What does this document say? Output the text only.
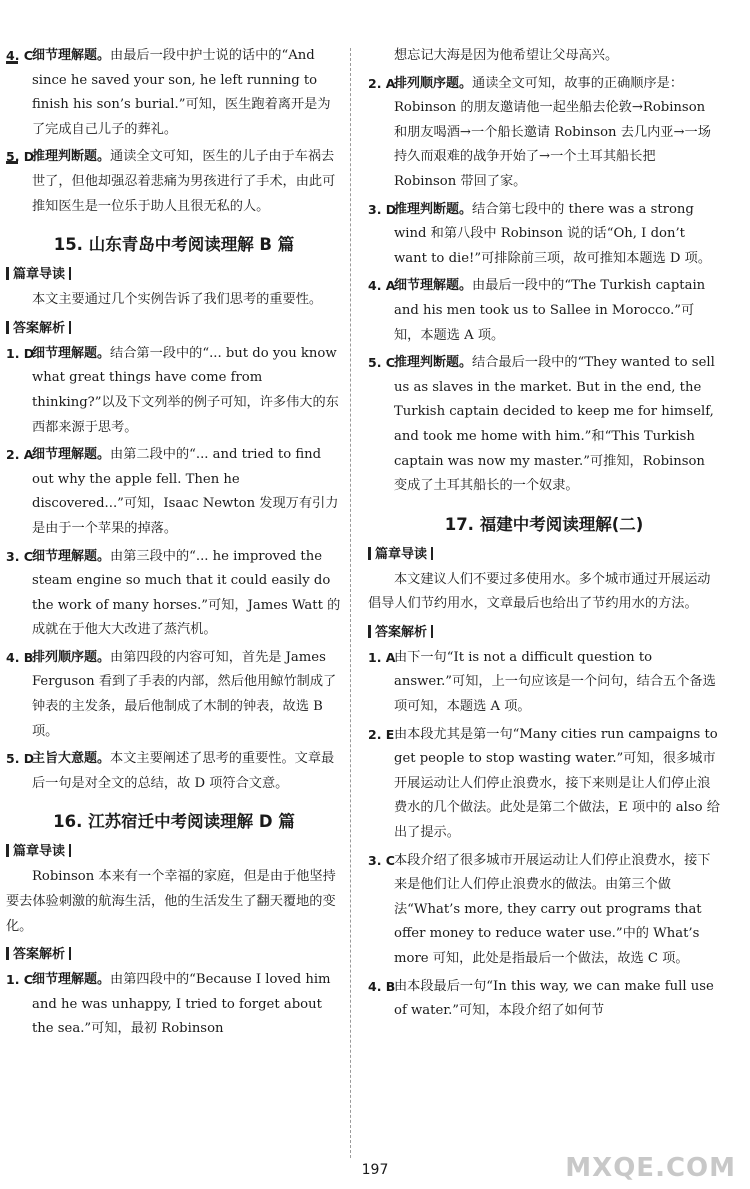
4. C 细节理解题。由最后一段中护士说的话中的“And since he saved your son, he left running to finish his son’s burial.”可知，医生跑着离开是为了完成自己儿子的葬礼。
5. D
推理判断题。通读全文可知，医生的儿子由于车祸去世了，但他却强忍着悲痛为男孩进行了手术，由此可推知医生是一位乐于助人且很无私的人。
15. 山东青岛中考阅读理解 B 篇
篇章导读

本文主要通过几个实例告诉了我们思考的重要性。

答案解析
1. D
细节理解题。结合第一段中的“... but do you know what great things have come from thinking?”以及下文列举的例子可知，许多伟大的东西都来源于思考。
2. A
细节理解题。由第二段中的“... and tried to find out why the apple fell. Then he discovered...”可知，Isaac Newton 发现万有引力是由于一个苹果的掉落。
3. C 细节理解题。由第三段中的“... he improved the steam engine so much that it could easily do the work of many horses.”可知，James Watt 的成就在于他大大改进了蒸汽机。
4. B
排列顺序题。由第四段的内容可知，首先是 James Ferguson 看到了手表的内部，然后他用鲸竹制成了钟表的主发条，最后他制成了木制的钟表，故选 B 项。
5. D
主旨大意题。本文主要阐述了思考的重要性。文章最后一句是对全文的总结，故 D 项符合文意。
16. 江苏宿迁中考阅读理解 D 篇
篇章导读

Robinson 本来有一个幸福的家庭，但是由于他坚持要去体验刺激的航海生活，他的生活发生了翻天覆地的变化。

答案解析
1. C 细节理解题。由第四段中的“Because I loved him and he was unhappy, I tried to forget about the sea.”可知，最初 Robinson
想忘记大海是因为他希望让父母高兴。
2. A
排列顺序题。通读全文可知，故事的正确顺序是：Robinson 的朋友邀请他一起坐船去伦敦→Robinson 和朋友喝酒→一个船长邀请 Robinson 去几内亚→一场持久而艰难的战争开始了→一个土耳其船长把 Robinson 带回了家。
3. D
推理判断题。结合第七段中的 there was a strong wind 和第八段中 Robinson 说的话“Oh, I don’t want to die!”可排除前三项，故可推知本题选 D 项。
4. A
细节理解题。由最后一段中的“The Turkish captain and his men took us to Sallee in Morocco.”可知，本题选 A 项。
5. C 推理判断题。结合最后一段中的“They wanted to sell us as slaves in the market. But in the end, the Turkish captain decided to keep me for himself, and took me home with him.”和“This Turkish captain was now my master.”可推知，Robinson 变成了土耳其船长的一个奴隶。
17. 福建中考阅读理解(二)
篇章导读

本文建议人们不要过多使用水。多个城市通过开展运动倡导人们节约用水，文章最后也给出了节约用水的方法。

答案解析
1. A
由下一句“It is not a difficult question to answer.”可知，上一句应该是一个问句，结合五个备选项可知，本题选 A 项。
2. E 由本段尤其是第一句“Many cities run campaigns to get people to stop wasting water.”可知，很多城市开展运动让人们停止浪费水，接下来则是让人们停止浪费水的几个做法。此处是第二个做法，E 项中的 also 给出了提示。
3. C 本段介绍了很多城市开展运动让人们停止浪费水，接下来是他们让人们停止浪费水的做法。由第三个做法“What’s more, they carry out programs that offer money to reduce water use.”中的 What’s more 可知，此处是指最后一个做法，故选 C 项。
4. B
由本段最后一句“In this way, we can make full use of water.”可知，本段介绍了如何节
197	MXQE.COM
